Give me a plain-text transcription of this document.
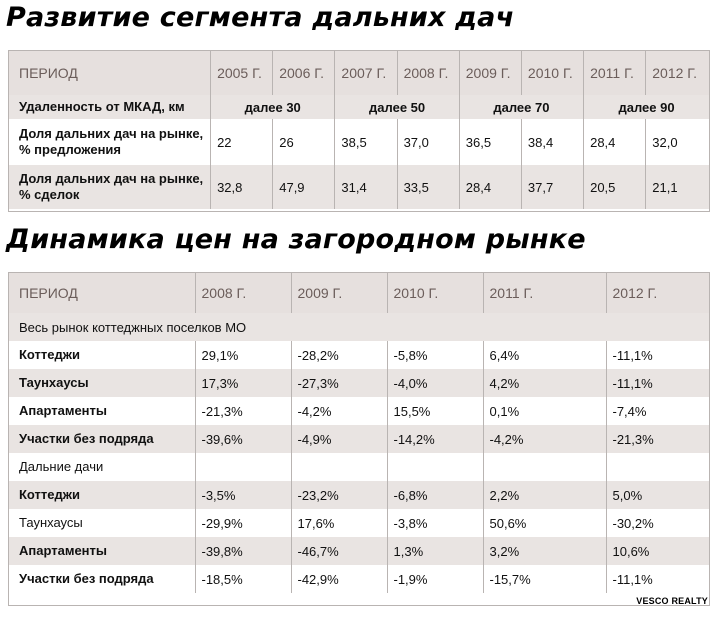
Развитие сегмента дальних дач
ПЕРИОД	2005 Г.	2006 Г.	2007 Г.	2008 Г.	2009 Г.	2010 Г.	2011 Г.	2012 Г.
Удаленность от МКАД, км	далее 30		далее 50		далее 70		далее 90	
Доля дальних дач на рынке, % предложения	22	26	38,5	37,0	36,5	38,4	28,4	32,0
Доля дальних дач на рынке, % сделок	32,8	47,9	31,4	33,5	28,4	37,7	20,5	21,1
Динамика цен на загородном рынке
ПЕРИОД	2008 Г.	2009 Г.	2010 Г.	2011 Г.	2012 Г.
Весь рынок коттеджных поселков МО					
Коттеджи	29,1%	-28,2%	-5,8%	6,4%	-11,1%
Таунхаусы	17,3%	-27,3%	-4,0%	4,2%	-11,1%
Апартаменты	-21,3%	-4,2%	15,5%	0,1%	-7,4%
Участки без подряда	-39,6%	-4,9%	-14,2%	-4,2%	-21,3%
Дальние дачи					
Коттеджи	-3,5%	-23,2%	-6,8%	2,2%	5,0%
Таунхаусы	-29,9%	17,6%	-3,8%	50,6%	-30,2%
Апартаменты	-39,8%	-46,7%	1,3%	3,2%	10,6%
Участки без подряда	-18,5%	-42,9%	-1,9%	-15,7%	-11,1%
VESCO REALTY
